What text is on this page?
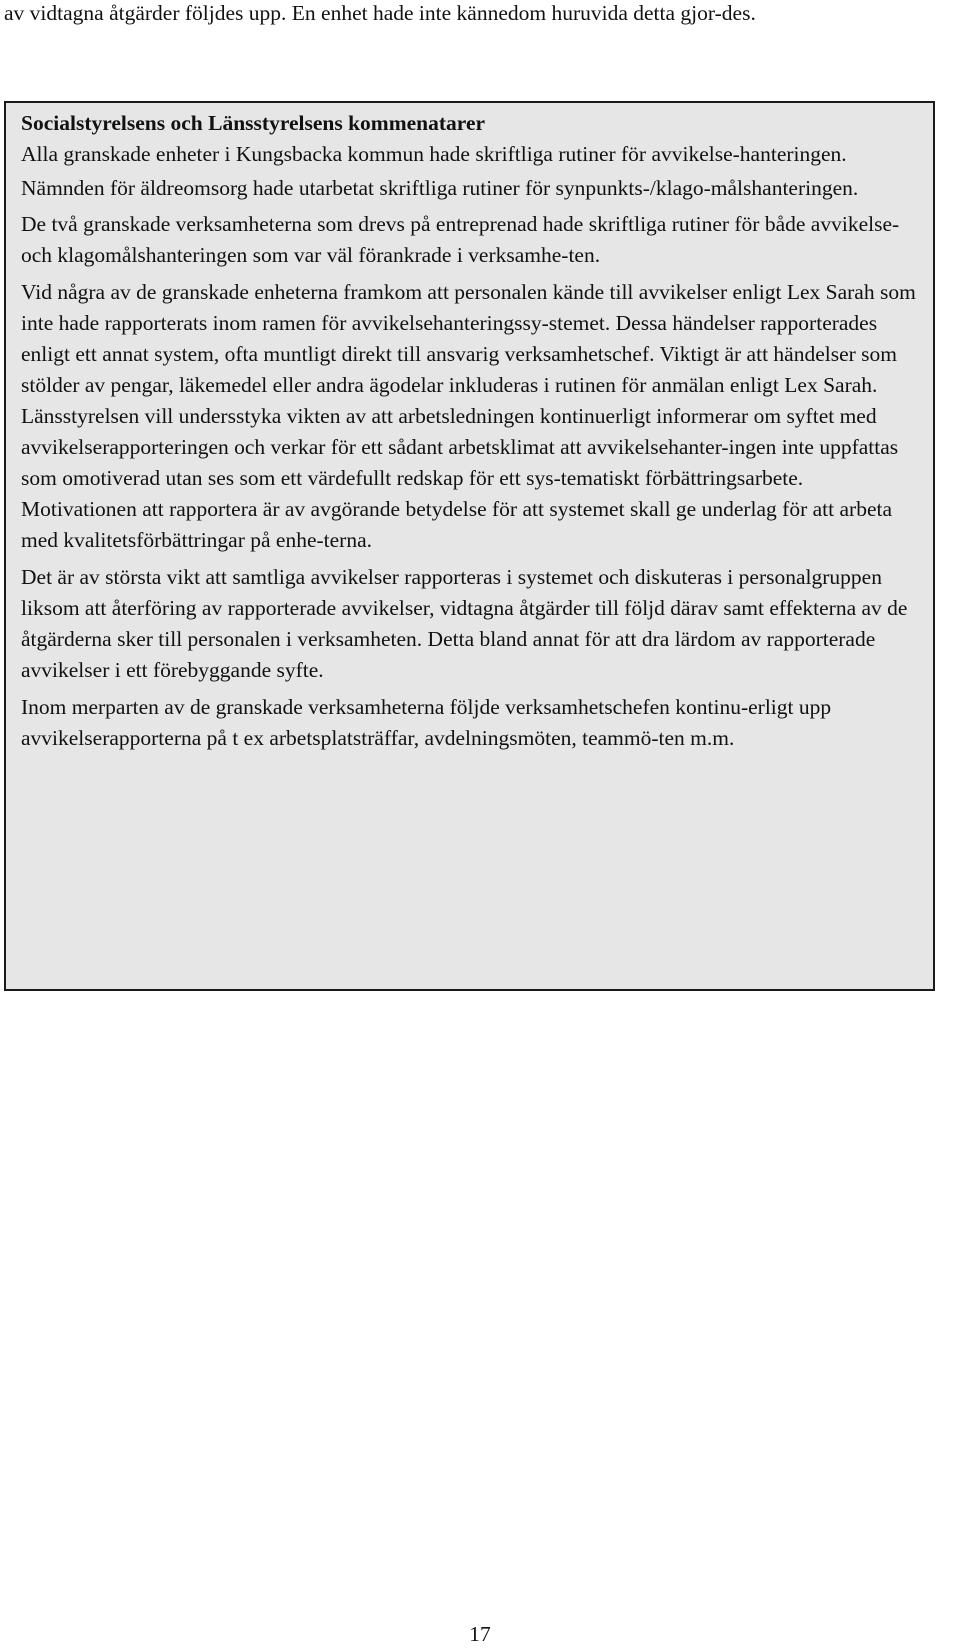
av vidtagna åtgärder följdes upp. En enhet hade inte kännedom huruvida detta gjor-des.

Socialstyrelsens och Länsstyrelsens kommenatarer

Alla granskade enheter i Kungsbacka kommun hade skriftliga rutiner för avvikelse-hanteringen.

Nämnden för äldreomsorg hade utarbetat skriftliga rutiner för synpunkts-/klago-målshanteringen.

De två granskade verksamheterna som drevs på entreprenad hade skriftliga rutiner för både avvikelse- och klagomålshanteringen som var väl förankrade i verksamhe-ten.

Vid några av de granskade enheterna framkom att personalen kände till avvikelser enligt Lex Sarah som inte hade rapporterats inom ramen för avvikelsehanteringssy-stemet. Dessa händelser rapporterades enligt ett annat system, ofta muntligt direkt till ansvarig verksamhetschef. Viktigt är att händelser som stölder av pengar, läkemedel eller andra ägodelar inkluderas i rutinen för anmälan enligt Lex Sarah. Länsstyrelsen vill undersstyka vikten av att arbetsledningen kontinuerligt informerar om syftet med avvikelserapporteringen och verkar för ett sådant arbetsklimat att avvikelsehanter-ingen inte uppfattas som omotiverad utan ses som ett värdefullt redskap för ett sys-tematiskt förbättringsarbete. Motivationen att rapportera är av avgörande betydelse för att systemet skall ge underlag för att arbeta med kvalitetsförbättringar på enhe-terna.

Det är av största vikt att samtliga avvikelser rapporteras i systemet och diskuteras i personalgruppen liksom att återföring av rapporterade avvikelser, vidtagna åtgärder till följd därav samt effekterna av de åtgärderna sker till personalen i verksamheten. Detta bland annat för att dra lärdom av rapporterade avvikelser i ett förebyggande syfte.

Inom merparten av de granskade verksamheterna följde verksamhetschefen kontinu-erligt upp avvikelserapporterna på t ex arbetsplatsträffar, avdelningsmöten, teammö-ten m.m.

17
